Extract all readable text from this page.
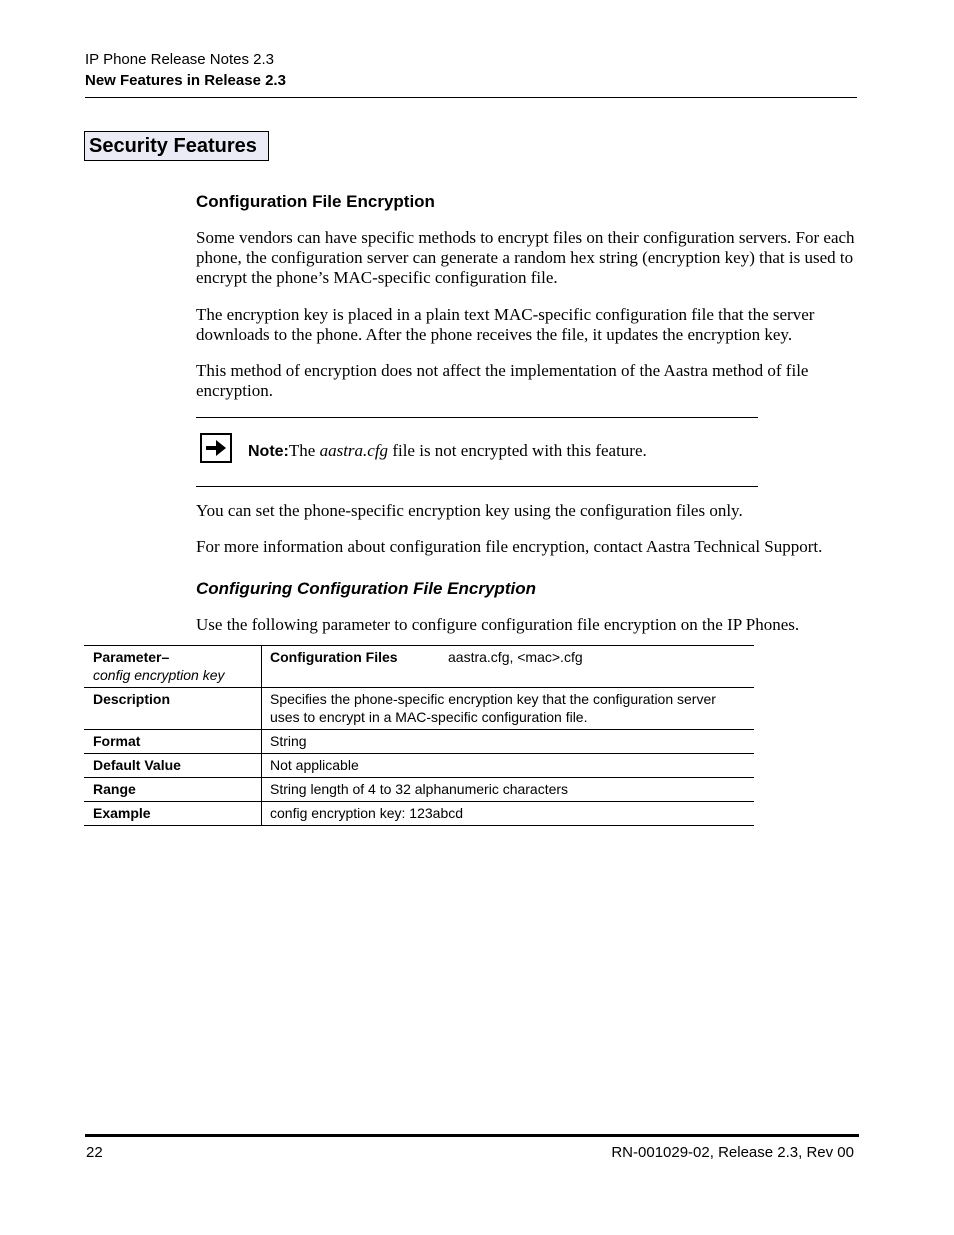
IP Phone Release Notes 2.3
New Features in Release 2.3
Security Features
Configuration File Encryption
Some vendors can have specific methods to encrypt files on their configuration servers. For each phone, the configuration server can generate a random hex string (encryption key) that is used to encrypt the phone’s MAC-specific configuration file.
The encryption key is placed in a plain text MAC-specific configuration file that the server downloads to the phone. After the phone receives the file, it updates the encryption key.
This method of encryption does not affect the implementation of the Aastra method of file encryption.
Note:The aastra.cfg file is not encrypted with this feature.
You can set the phone-specific encryption key using the configuration files only.
For more information about configuration file encryption, contact Aastra Technical Support.
Configuring Configuration File Encryption
Use the following parameter to configure configuration file encryption on the IP Phones.
Parameter–
config encryption key	Configuration Files aastra.cfg, <mac>.cfg
Description	Specifies the phone-specific encryption key that the configuration server uses to encrypt in a MAC-specific configuration file.
Format	String
Default Value	Not applicable
Range	String length of 4 to 32 alphanumeric characters
Example	config encryption key: 123abcd
22	RN-001029-02, Release 2.3, Rev 00
